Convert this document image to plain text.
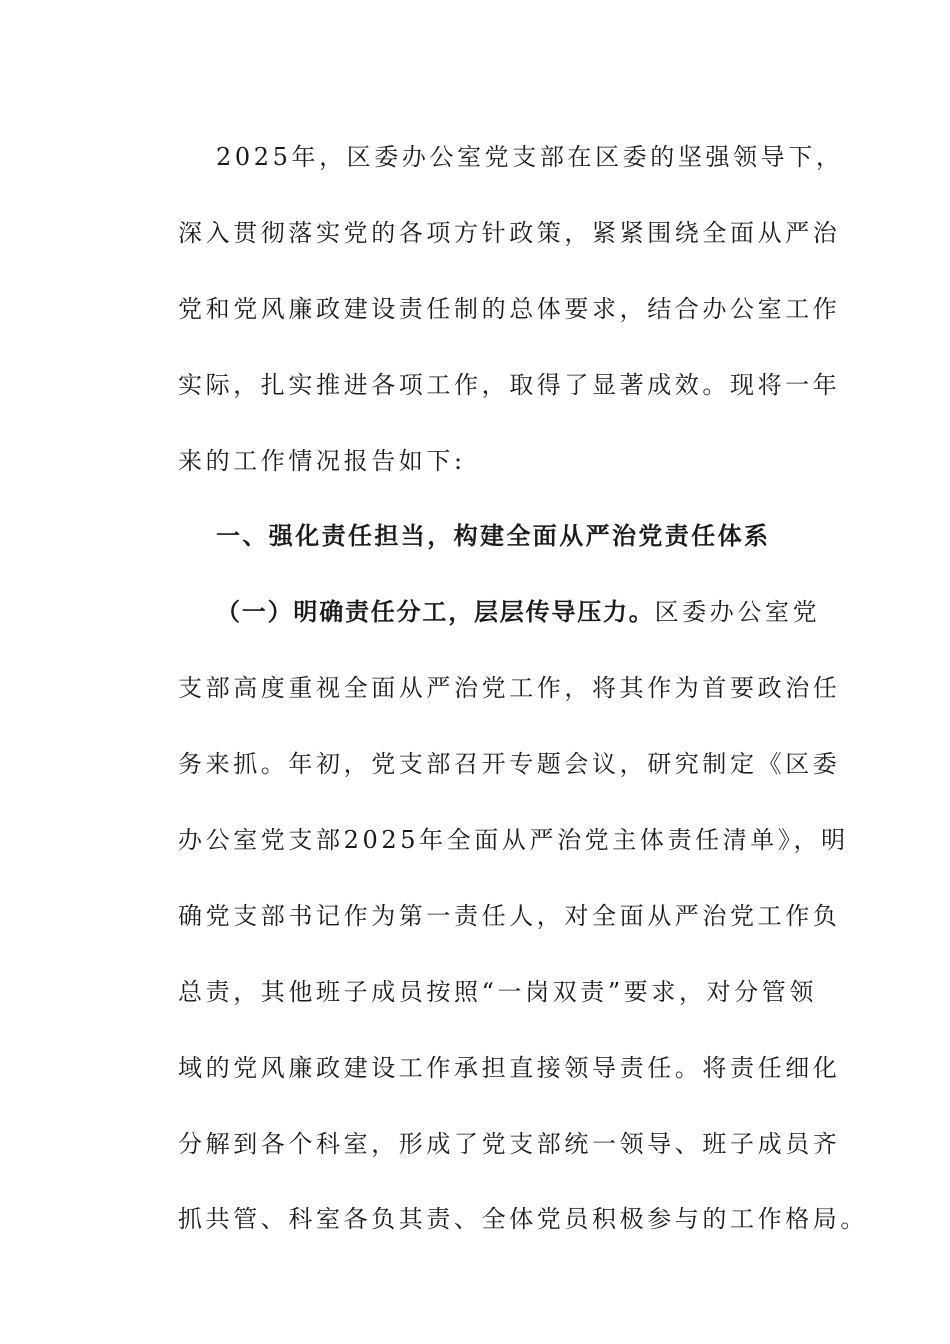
2025年，区委办公室党支部在区委的坚强领导下，
深入贯彻落实党的各项方针政策，紧紧围绕全面从严治
党和党风廉政建设责任制的总体要求，结合办公室工作
实际，扎实推进各项工作，取得了显著成效。现将一年
来的工作情况报告如下:
一、强化责任担当，构建全面从严治党责任体系
（一）明确责任分工，层层传导压力。区委办公室党
支部高度重视全面从严治党工作，将其作为首要政治任
务来抓。年初，党支部召开专题会议，研究制定《区委
办公室党支部2025年全面从严治党主体责任清单》，明
确党支部书记作为第一责任人，对全面从严治党工作负
总责，其他班子成员按照“一岗双责”要求，对分管领
域的党风廉政建设工作承担直接领导责任。将责任细化
分解到各个科室，形成了党支部统一领导、班子成员齐
抓共管、科室各负其责、全体党员积极参与的工作格局。
